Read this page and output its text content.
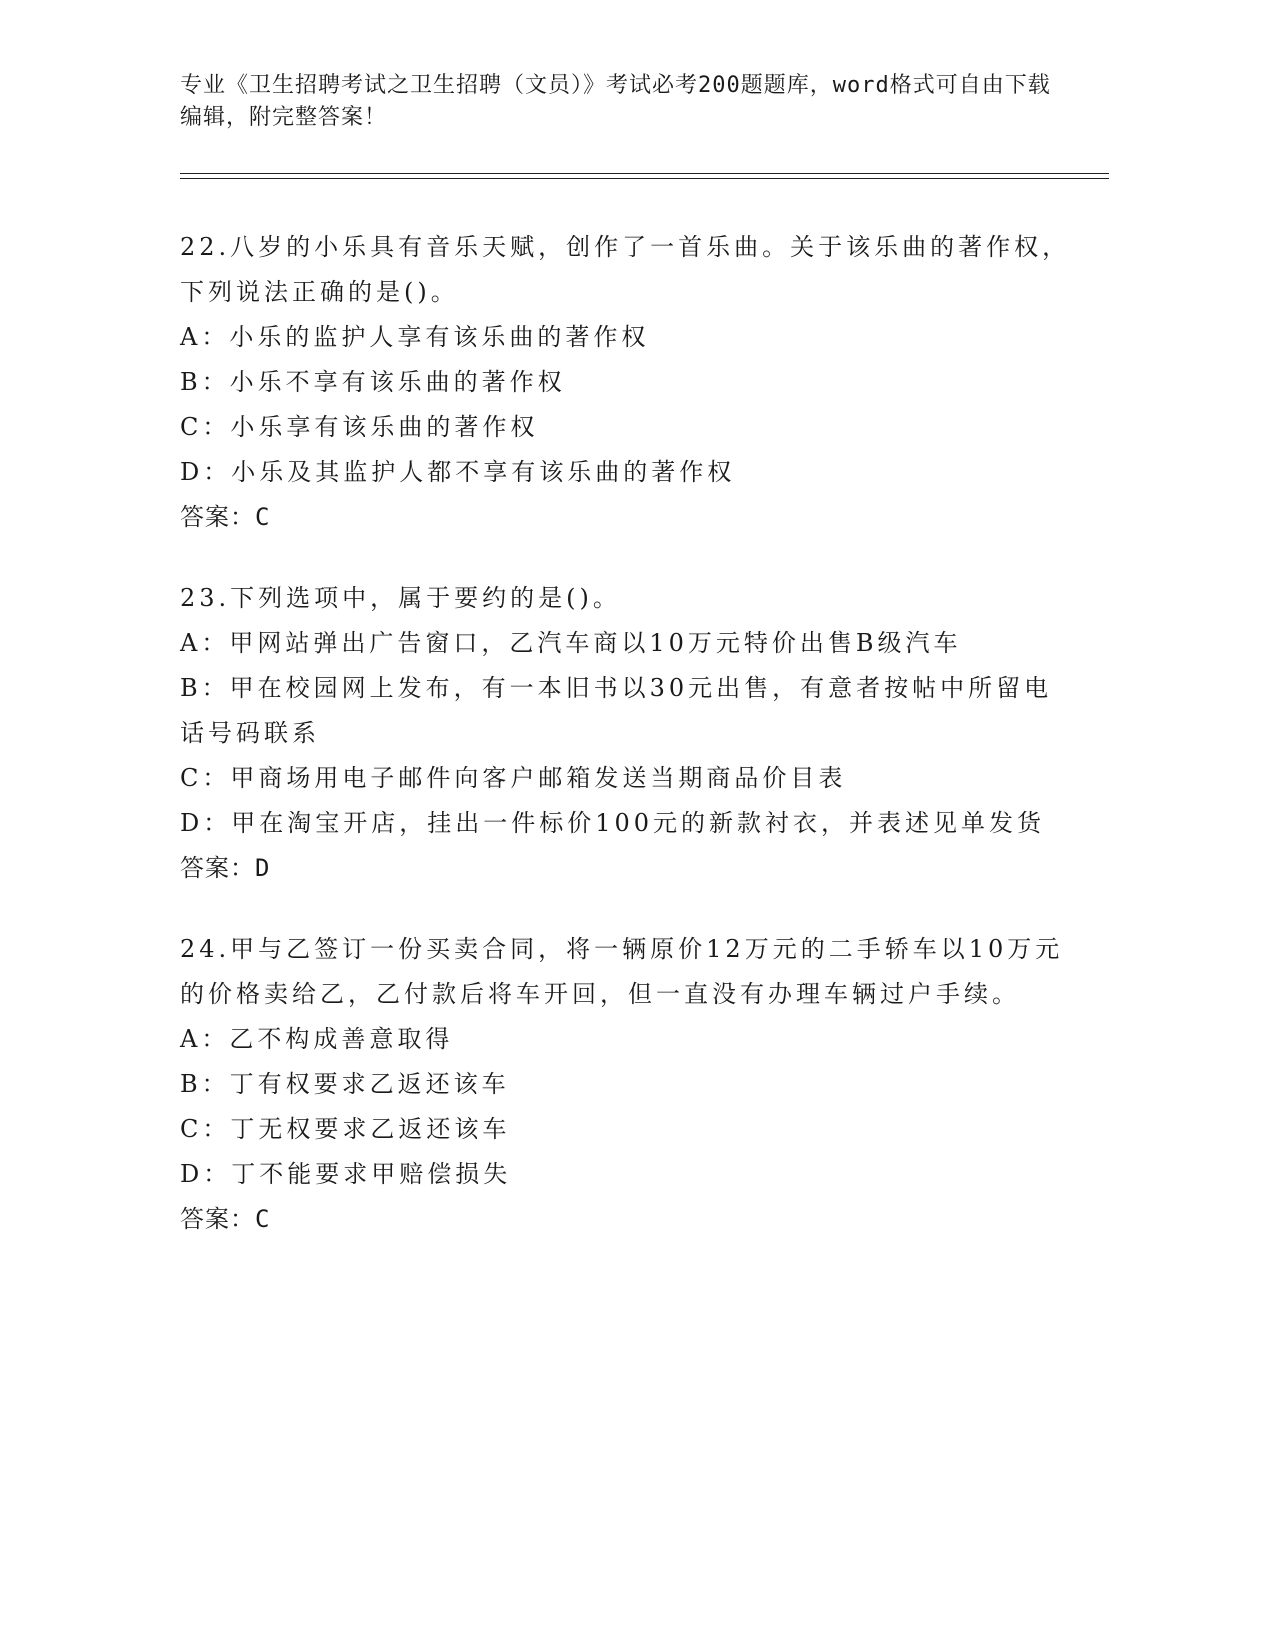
专业《卫生招聘考试之卫生招聘（文员）》考试必考200题题库，word格式可自由下载编辑，附完整答案！

22.八岁的小乐具有音乐天赋，创作了一首乐曲。关于该乐曲的著作权，下列说法正确的是()。

A：小乐的监护人享有该乐曲的著作权

B：小乐不享有该乐曲的著作权

C：小乐享有该乐曲的著作权

D：小乐及其监护人都不享有该乐曲的著作权

答案：C

23.下列选项中，属于要约的是()。

A：甲网站弹出广告窗口，乙汽车商以10万元特价出售B级汽车

B：甲在校园网上发布，有一本旧书以30元出售，有意者按帖中所留电话号码联系

C：甲商场用电子邮件向客户邮箱发送当期商品价目表

D：甲在淘宝开店，挂出一件标价100元的新款衬衣，并表述见单发货

答案：D

24.甲与乙签订一份买卖合同，将一辆原价12万元的二手轿车以10万元的价格卖给乙，乙付款后将车开回，但一直没有办理车辆过户手续。

A：乙不构成善意取得

B：丁有权要求乙返还该车

C：丁无权要求乙返还该车

D：丁不能要求甲赔偿损失

答案：C
